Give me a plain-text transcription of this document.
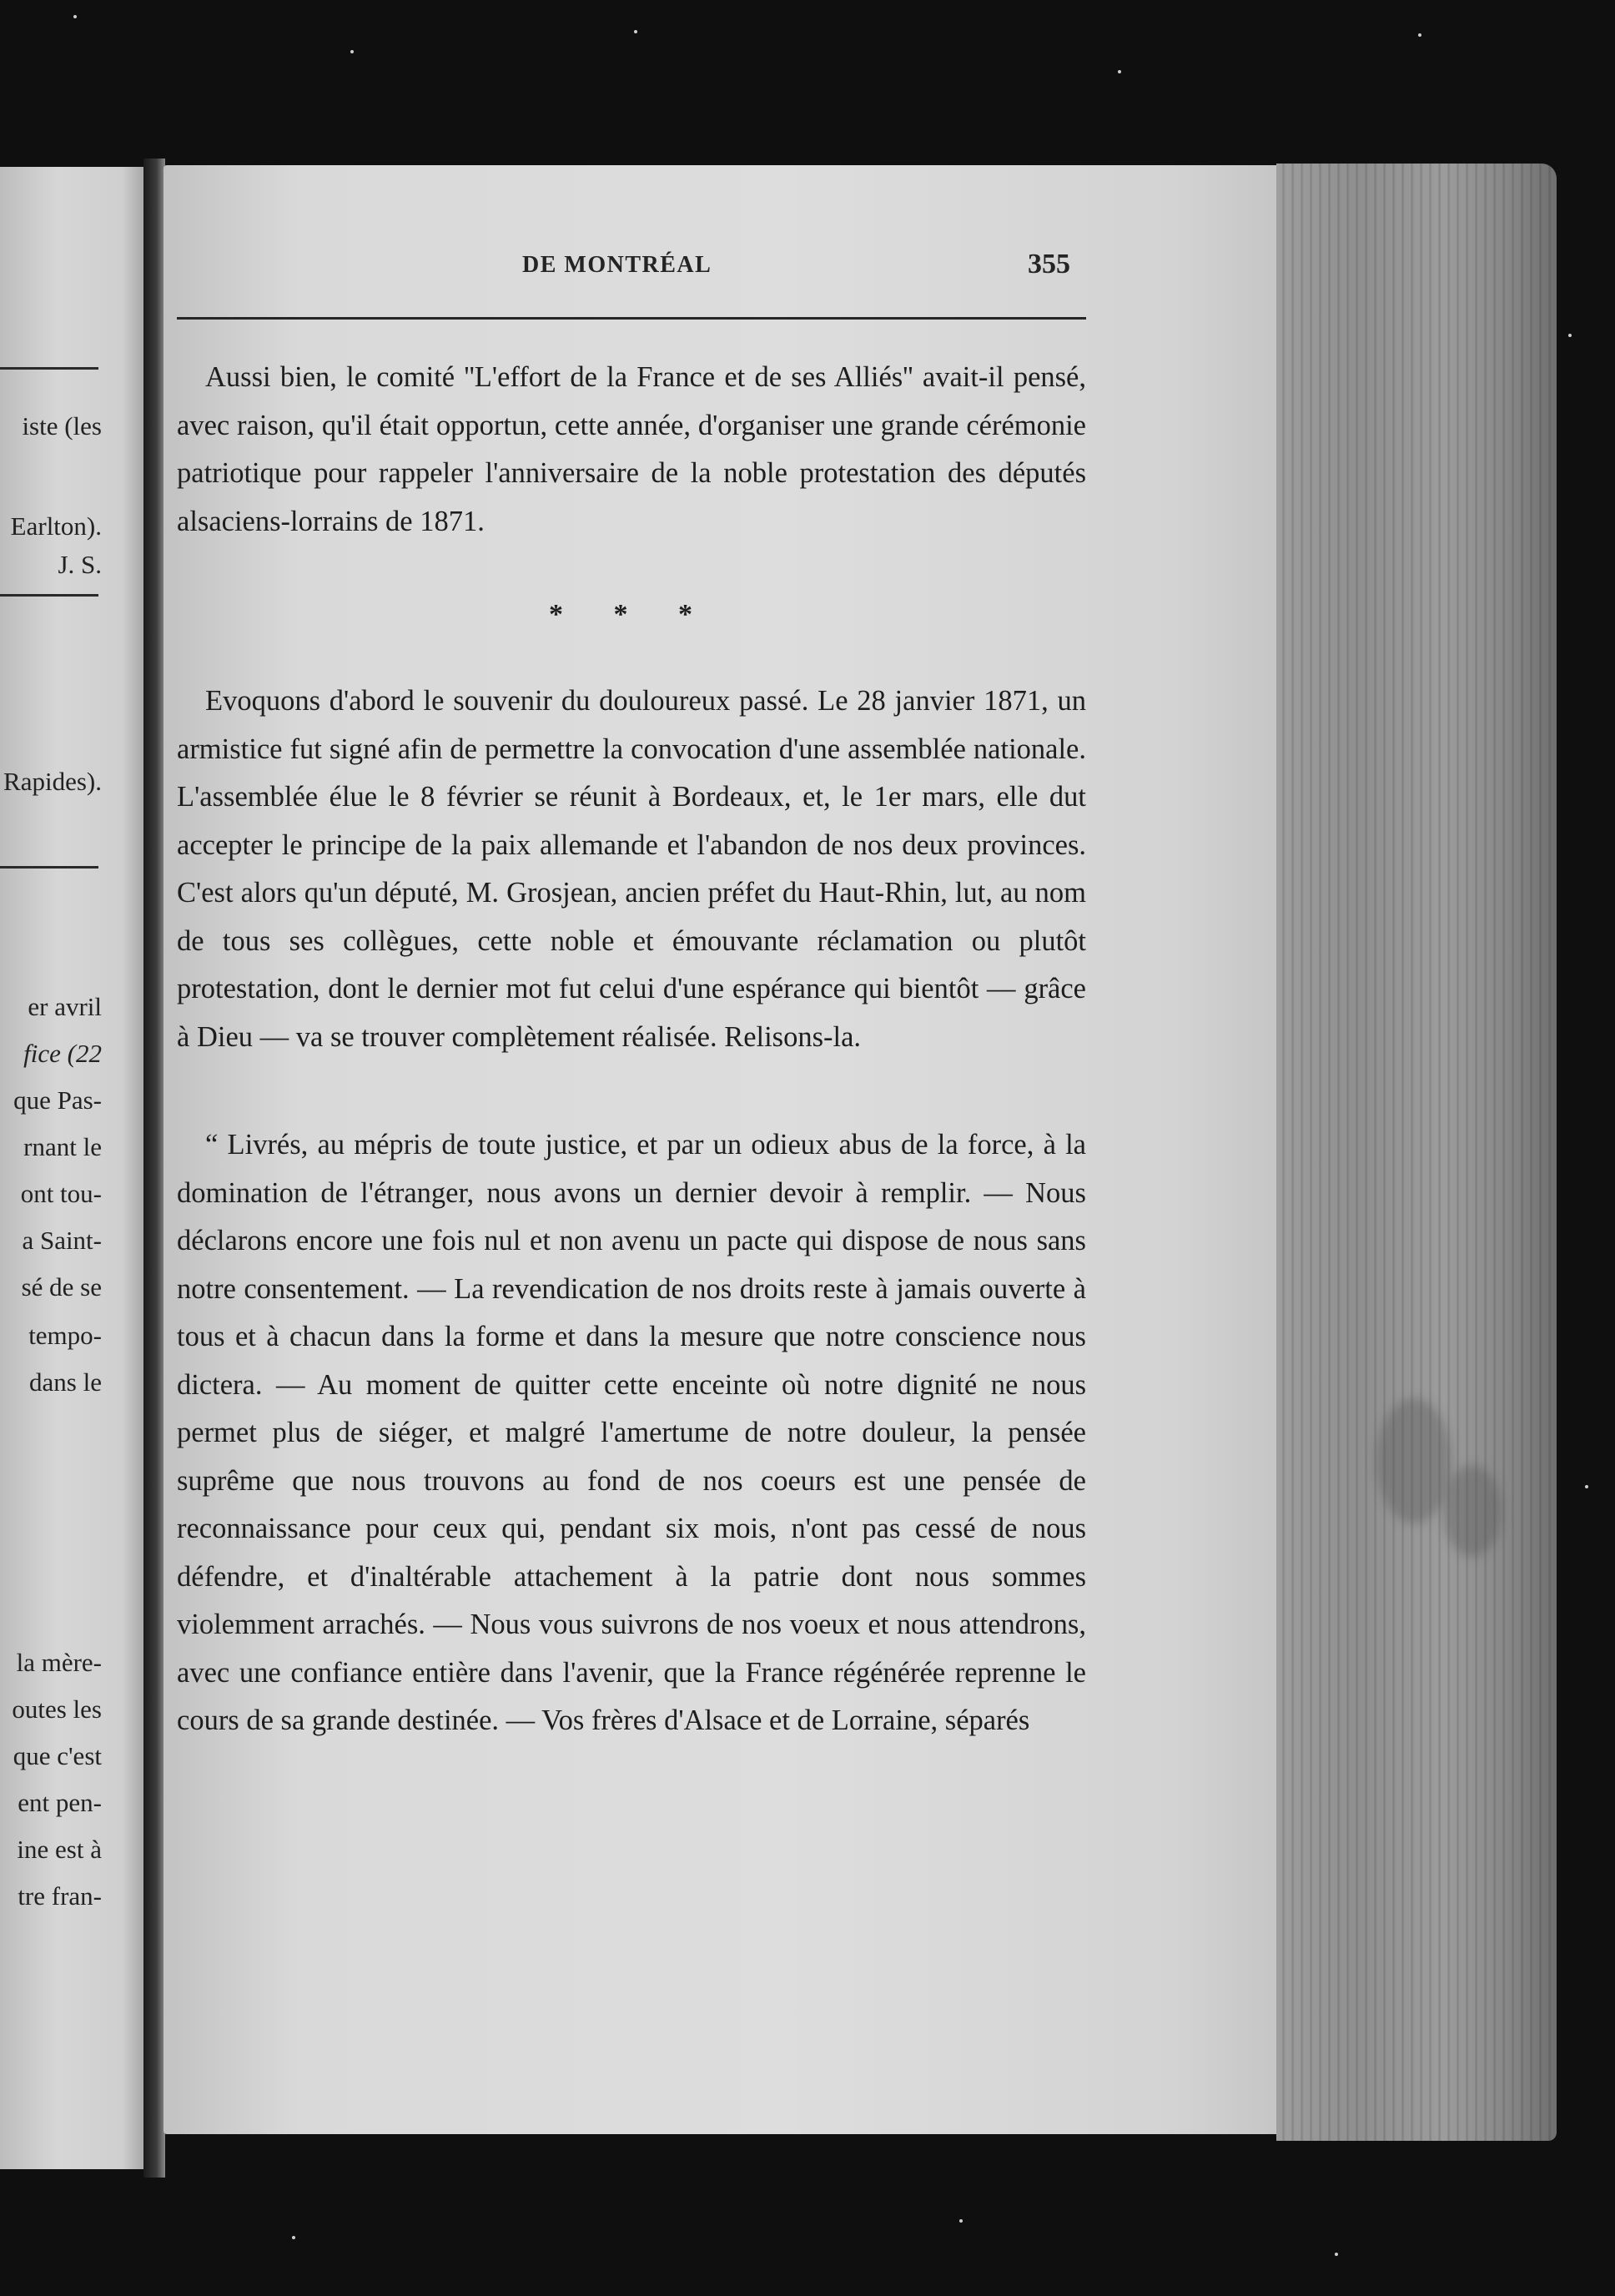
iste (les
Earlton).
J. S.
Rapides).
er avril
fice (22
que Pas-
rnant le
ont tou-
a Saint-
sé de se
tempo-
dans le
la mère-
outes les
que c'est
ent pen-
ine est à
tre fran-
DE MONTRÉAL	355

Aussi bien, le comité ''L'effort de la France et de ses Alliés'' avait-il pensé, avec raison, qu'il était opportun, cette année, d'organiser une grande cérémonie patriotique pour rappeler l'anniversaire de la noble protestation des députés alsaciens-lorrains de 1871.

* * *

Evoquons d'abord le souvenir du douloureux passé. Le 28 janvier 1871, un armistice fut signé afin de permettre la convocation d'une assemblée nationale. L'assemblée élue le 8 février se réunit à Bordeaux, et, le 1er mars, elle dut accepter le principe de la paix allemande et l'abandon de nos deux provinces. C'est alors qu'un député, M. Grosjean, ancien préfet du Haut-Rhin, lut, au nom de tous ses collègues, cette noble et émouvante réclamation ou plutôt protestation, dont le dernier mot fut celui d'une espérance qui bientôt — grâce à Dieu — va se trouver complètement réalisée. Relisons-la.

“ Livrés, au mépris de toute justice, et par un odieux abus de la force, à la domination de l'étranger, nous avons un dernier devoir à remplir. — Nous déclarons encore une fois nul et non avenu un pacte qui dispose de nous sans notre consentement. — La revendication de nos droits reste à jamais ouverte à tous et à chacun dans la forme et dans la mesure que notre conscience nous dictera. — Au moment de quitter cette enceinte où notre dignité ne nous permet plus de siéger, et malgré l'amertume de notre douleur, la pensée suprême que nous trouvons au fond de nos coeurs est une pensée de reconnaissance pour ceux qui, pendant six mois, n'ont pas cessé de nous défendre, et d'inaltérable attachement à la patrie dont nous sommes violemment arrachés. — Nous vous suivrons de nos voeux et nous attendrons, avec une confiance entière dans l'avenir, que la France régénérée reprenne le cours de sa grande destinée. — Vos frères d'Alsace et de Lorraine, séparés
